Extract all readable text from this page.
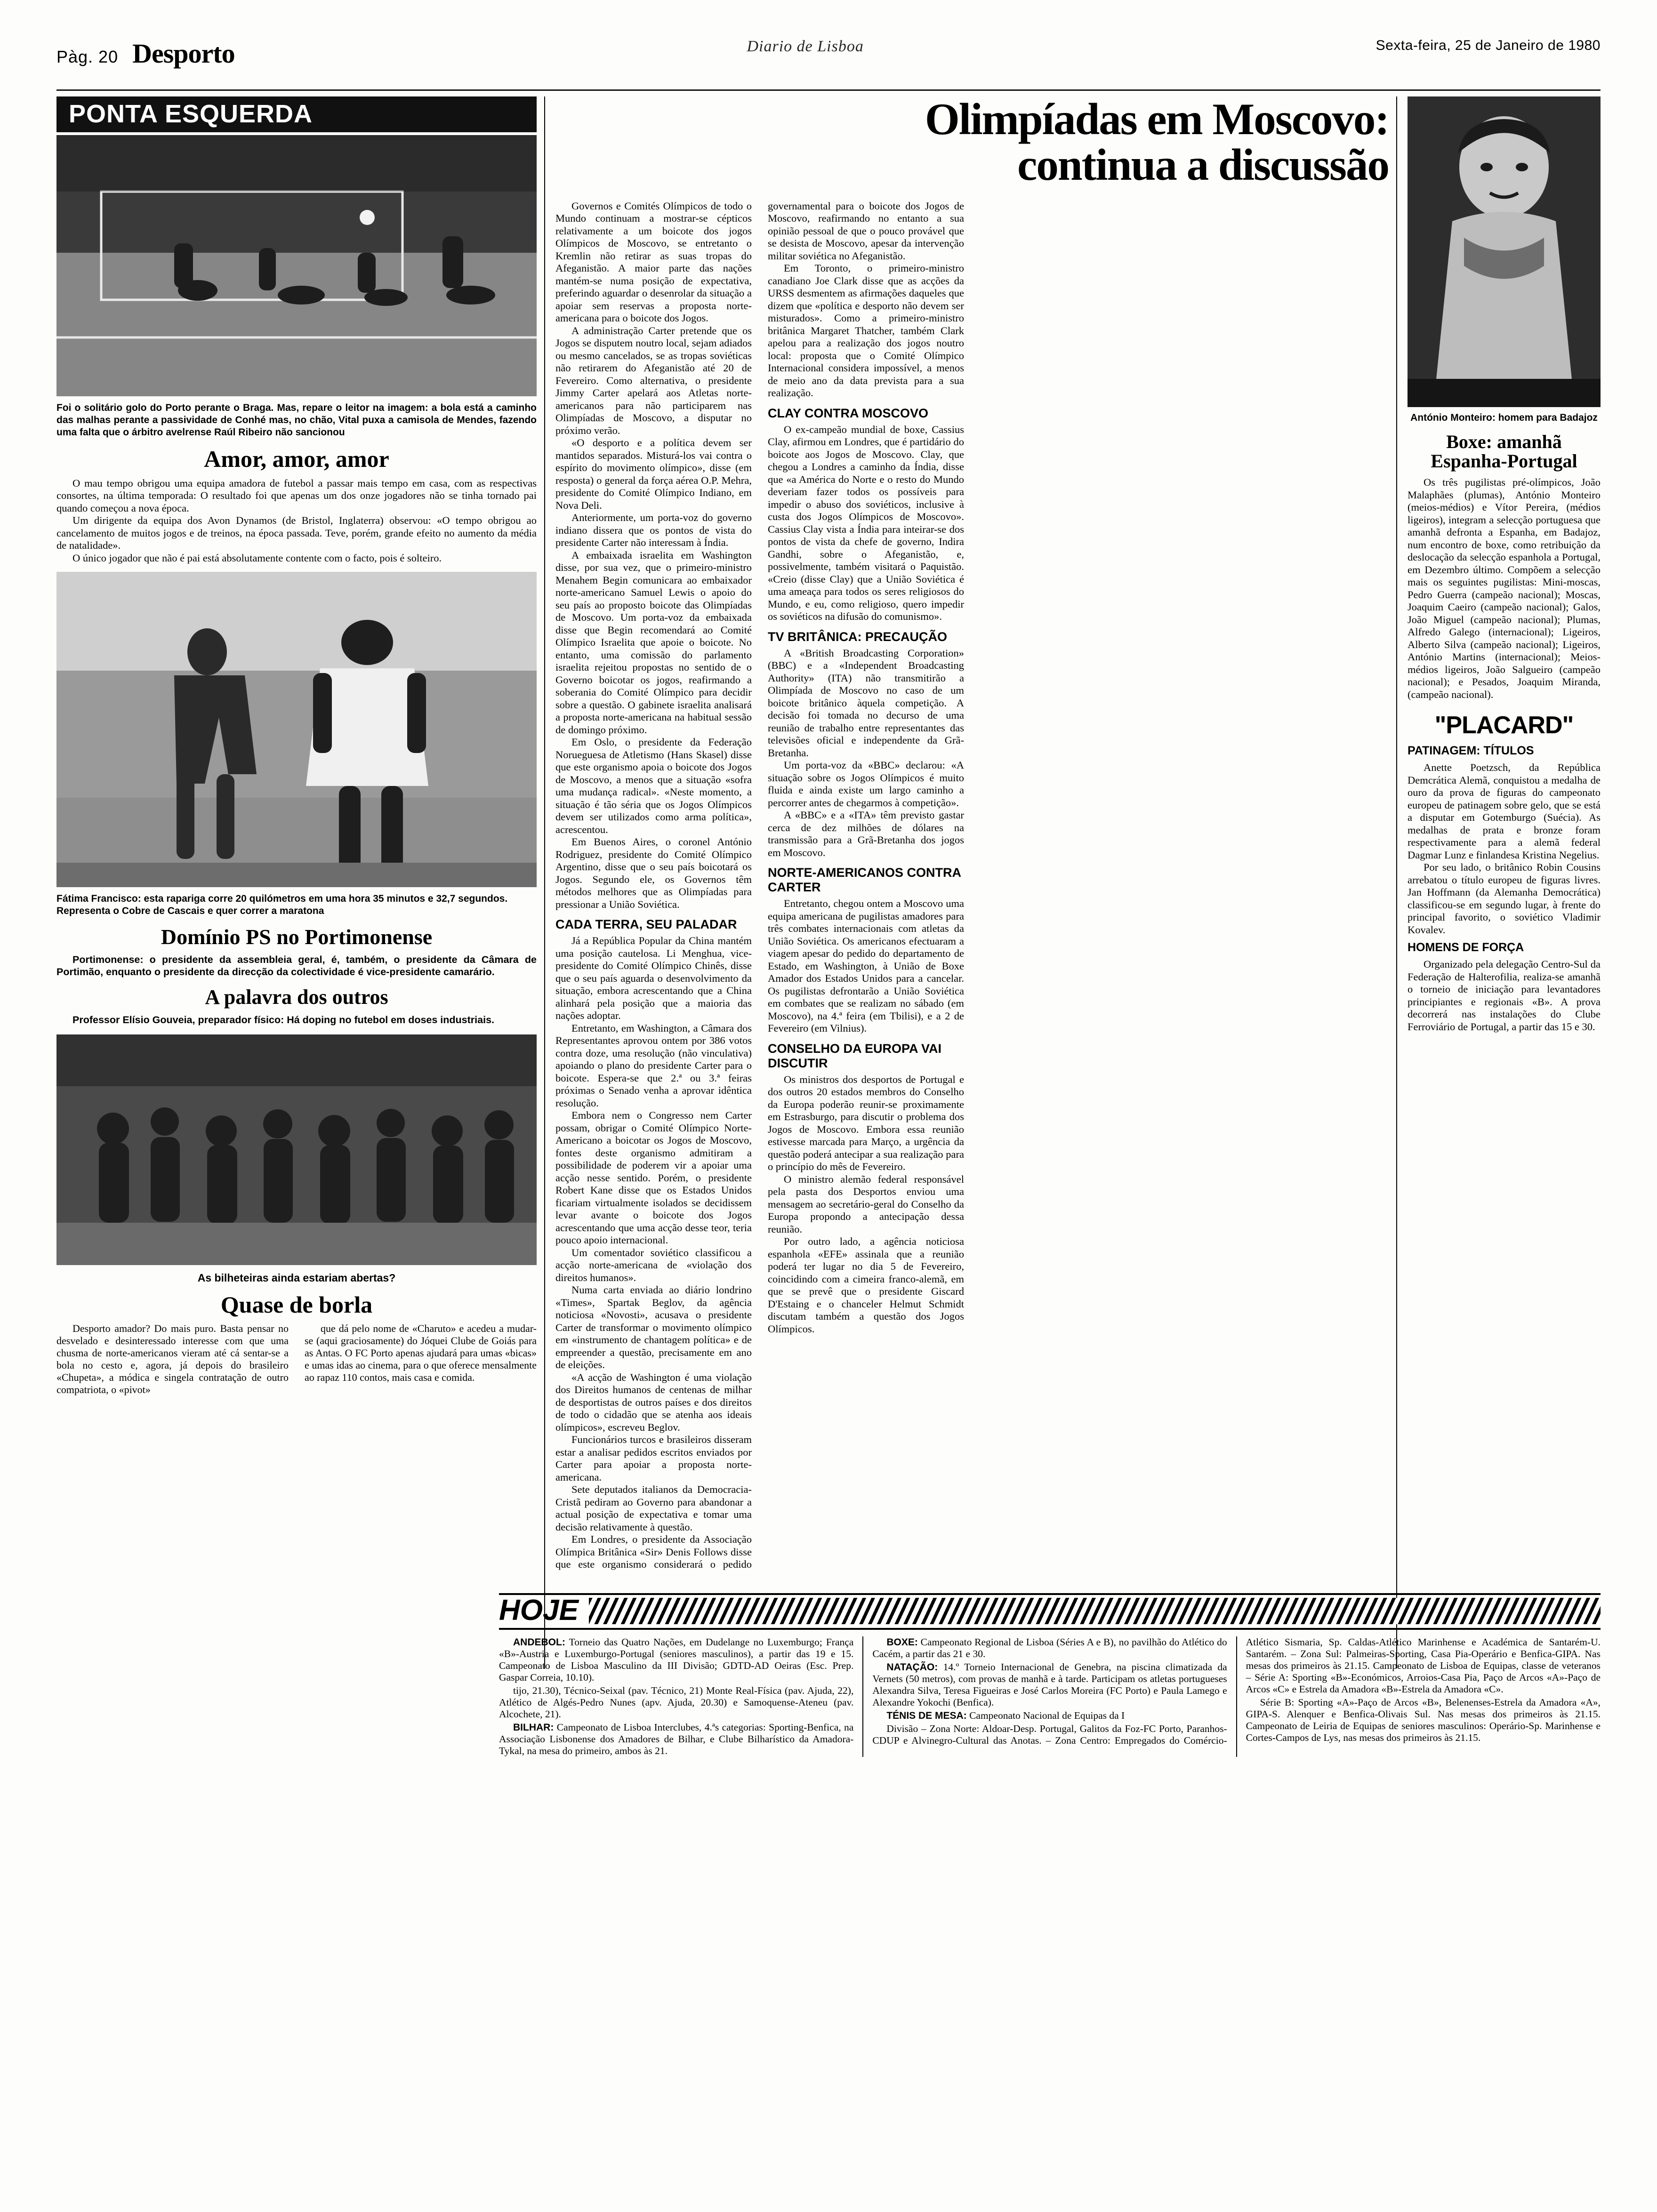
Pàg. 20 Desporto	Diario de Lisboa	Sexta-feira, 25 de Janeiro de 1980
PONTA ESQUERDA
Foi o solitário golo do Porto perante o Braga. Mas, repare o leitor na imagem: a bola está a caminho das malhas perante a passividade de Conhé mas, no chão, Vital puxa a camisola de Mendes, fazendo uma falta que o árbitro avelrense Raúl Ribeiro não sancionou
Amor, amor, amor

O mau tempo obrigou uma equipa amadora de futebol a passar mais tempo em casa, com as respectivas consortes, na última temporada: O resultado foi que apenas um dos onze jogadores não se tinha tornado pai quando começou a nova época.

Um dirigente da equipa dos Avon Dynamos (de Bristol, Inglaterra) observou: «O tempo obrigou ao cancelamento de muitos jogos e de treinos, na época passada. Teve, porém, grande efeito no aumento da média de natalidade».

O único jogador que não é pai está absolutamente contente com o facto, pois é solteiro.

Fátima Francisco: esta rapariga corre 20 quilómetros em uma hora 35 minutos e 32,7 segundos. Representa o Cobre de Cascais e quer correr a maratona
Domínio PS no Portimonense

Portimonense: o presidente da assembleia geral, é, também, o presidente da Câmara de Portimão, enquanto o presidente da direcção da colectividade é vice-presidente camarário.

A palavra dos outros

Professor Elísio Gouveia, preparador físico: Há doping no futebol em doses industriais.

As bilheteiras ainda estariam abertas?
Quase de borla

Desporto amador? Do mais puro. Basta pensar no desvelado e desinteressado interesse com que uma chusma de norte-americanos vieram até cá sentar-se a bola no cesto e, agora, já depois do brasileiro «Chupeta», a módica e singela contratação de outro compatriota, o «pivot»

que dá pelo nome de «Charuto» e acedeu a mudar-se (aqui graciosamente) do Jóquei Clube de Goiás para as Antas. O FC Porto apenas ajudará para umas «bicas» e umas idas ao cinema, para o que oferece mensalmente ao rapaz 110 contos, mais casa e comida.

Olimpíadas em Moscovo:
continua a discussão

Governos e Comités Olímpicos de todo o Mundo continuam a mostrar-se cépticos relativamente a um boicote dos jogos Olímpicos de Moscovo, se entretanto o Kremlin não retirar as suas tropas do Afeganistão. A maior parte das nações mantém-se numa posição de expectativa, preferindo aguardar o desenrolar da situação a apoiar sem reservas a proposta norte-americana para o boicote dos Jogos.

A administração Carter pretende que os Jogos se disputem noutro local, sejam adiados ou mesmo cancelados, se as tropas soviéticas não retirarem do Afeganistão até 20 de Fevereiro. Como alternativa, o presidente Jimmy Carter apelará aos Atletas norte-americanos para não participarem nas Olimpíadas de Moscovo, a disputar no próximo verão.

«O desporto e a política devem ser mantidos separados. Misturá-los vai contra o espírito do movimento olímpico», disse (em resposta) o general da força aérea O.P. Mehra, presidente do Comité Olímpico Indiano, em Nova Deli.

Anteriormente, um porta-voz do governo indiano dissera que os pontos de vista do presidente Carter não interessam à Índia.

A embaixada israelita em Washington disse, por sua vez, que o primeiro-ministro Menahem Begin comunicara ao embaixador norte-americano Samuel Lewis o apoio do seu país ao proposto boicote das Olimpíadas de Moscovo. Um porta-voz da embaixada disse que Begin recomendará ao Comité Olímpico Israelita que apoie o boicote. No entanto, uma comissão do parlamento israelita rejeitou propostas no sentido de o Governo boicotar os jogos, reafirmando a soberania do Comité Olímpico para decidir sobre a questão. O gabinete israelita analisará a proposta norte-americana na habitual sessão de domingo próximo.

Em Oslo, o presidente da Federação Norueguesa de Atletismo (Hans Skasel) disse que este organismo apoia o boicote dos Jogos de Moscovo, a menos que a situação «sofra uma mudança radical». «Neste momento, a situação é tão séria que os Jogos Olímpicos devem ser utilizados como arma política», acrescentou.

Em Buenos Aires, o coronel António Rodriguez, presidente do Comité Olímpico Argentino, disse que o seu país boicotará os Jogos. Segundo ele, os Governos têm métodos melhores que as Olimpíadas para pressionar a União Soviética.

CADA TERRA, SEU PALADAR

Já a República Popular da China mantém uma posição cautelosa. Li Menghua, vice-presidente do Comité Olímpico Chinês, disse que o seu país aguarda o desenvolvimento da situação, embora acrescentando que a China alinhará pela posição que a maioria das nações adoptar.

Entretanto, em Washington, a Câmara dos Representantes aprovou ontem por 386 votos contra doze, uma resolução (não vinculativa) apoiando o plano do presidente Carter para o boicote. Espera-se que 2.ª ou 3.ª feiras próximas o Senado venha a aprovar idêntica resolução.

Embora nem o Congresso nem Carter possam, obrigar o Comité Olímpico Norte-Americano a boicotar os Jogos de Moscovo, fontes deste organismo admitiram a possibilidade de poderem vir a apoiar uma acção nesse sentido. Porém, o presidente Robert Kane disse que os Estados Unidos ficariam virtualmente isolados se decidissem levar avante o boicote dos Jogos acrescentando que uma acção desse teor, teria pouco apoio internacional.

Um comentador soviético classificou a acção norte-americana de «violação dos direitos humanos».

Numa carta enviada ao diário londrino «Times», Spartak Beglov, da agência noticiosa «Novosti», acusava o presidente Carter de transformar o movimento olímpico em «instrumento de chantagem política» e de empreender a questão, precisamente em ano de eleições.

«A acção de Washington é uma violação dos Direitos humanos de centenas de milhar de desportistas de outros países e dos direitos de todo o cidadão que se atenha aos ideais olímpicos», escreveu Beglov.

Funcionários turcos e brasileiros disseram estar a analisar pedidos escritos enviados por Carter para apoiar a proposta norte-americana.

Sete deputados italianos da Democracia-Cristã pediram ao Governo para abandonar a actual posição de expectativa e tomar uma decisão relativamente à questão.

Em Londres, o presidente da Associação Olímpica Britânica «Sir» Denis Follows disse que este organismo considerará o pedido governamental para o boicote dos Jogos de Moscovo, reafirmando no entanto a sua opinião pessoal de que o pouco provável que se desista de Moscovo, apesar da intervenção militar soviética no Afeganistão.

Em Toronto, o primeiro-ministro canadiano Joe Clark disse que as acções da URSS desmentem as afirmações daqueles que dizem que «política e desporto não devem ser misturados». Como a primeiro-ministro britânica Margaret Thatcher, também Clark apelou para a realização dos jogos noutro local: proposta que o Comité Olímpico Internacional considera impossível, a menos de meio ano da data prevista para a sua realização.

CLAY CONTRA MOSCOVO

O ex-campeão mundial de boxe, Cassius Clay, afirmou em Londres, que é partidário do boicote aos Jogos de Moscovo. Clay, que chegou a Londres a caminho da Índia, disse que «a América do Norte e o resto do Mundo deveriam fazer todos os possíveis para impedir o abuso dos soviéticos, inclusive à custa dos Jogos Olímpicos de Moscovo». Cassius Clay vista a Índia para inteirar-se dos pontos de vista da chefe de governo, Indira Gandhi, sobre o Afeganistão, e, possivelmente, também visitará o Paquistão. «Creio (disse Clay) que a União Soviética é uma ameaça para todos os seres religiosos do Mundo, e eu, como religioso, quero impedir os soviéticos na difusão do comunismo».

TV BRITÂNICA: PRECAUÇÃO

A «British Broadcasting Corporation» (BBC) e a «Independent Broadcasting Authority» (ITA) não transmitirão a Olimpíada de Moscovo no caso de um boicote britânico àquela competição. A decisão foi tomada no decurso de uma reunião de trabalho entre representantes das televisões oficial e independente da Grã-Bretanha.

Um porta-voz da «BBC» declarou: «A situação sobre os Jogos Olímpicos é muito fluida e ainda existe um largo caminho a percorrer antes de chegarmos à competição».

A «BBC» e a «ITA» têm previsto gastar cerca de dez milhões de dólares na transmissão para a Grã-Bretanha dos jogos em Moscovo.

NORTE-AMERICANOS CONTRA CARTER

Entretanto, chegou ontem a Moscovo uma equipa americana de pugilistas amadores para três combates internacionais com atletas da União Soviética. Os americanos efectuaram a viagem apesar do pedido do departamento de Estado, em Washington, à União de Boxe Amador dos Estados Unidos para a cancelar. Os pugilistas defrontarão a União Soviética em combates que se realizam no sábado (em Moscovo), na 4.ª feira (em Tbilisi), e a 2 de Fevereiro (em Vilnius).

CONSELHO DA EUROPA VAI DISCUTIR

Os ministros dos desportos de Portugal e dos outros 20 estados membros do Conselho da Europa poderão reunir-se proximamente em Estrasburgo, para discutir o problema dos Jogos de Moscovo. Embora essa reunião estivesse marcada para Março, a urgência da questão poderá antecipar a sua realização para o princípio do mês de Fevereiro.

O ministro alemão federal responsável pela pasta dos Desportos enviou uma mensagem ao secretário-geral do Conselho da Europa propondo a antecipação dessa reunião.

Por outro lado, a agência noticiosa espanhola «EFE» assinala que a reunião poderá ter lugar no dia 5 de Fevereiro, coincidindo com a cimeira franco-alemã, em que se prevê que o presidente Giscard D'Estaing e o chanceler Helmut Schmidt discutam também a questão dos Jogos Olímpicos.

António Monteiro: homem para Badajoz
Boxe: amanhã Espanha-Portugal

Os três pugilistas pré-olímpicos, João Malaphães (plumas), António Monteiro (meios-médios) e Vítor Pereira, (médios ligeiros), integram a selecção portuguesa que amanhã defronta a Espanha, em Badajoz, num encontro de boxe, como retribuição da deslocação da selecção espanhola a Portugal, em Dezembro último. Compõem a selecção mais os seguintes pugilistas: Mini-moscas, Pedro Guerra (campeão nacional); Moscas, Joaquim Caeiro (campeão nacional); Galos, João Miguel (campeão nacional); Plumas, Alfredo Galego (internacional); Ligeiros, Alberto Silva (campeão nacional); Ligeiros, António Martins (internacional); Meios-médios ligeiros, João Salgueiro (campeão nacional); e Pesados, Joaquim Miranda, (campeão nacional).

"PLACARD"
PATINAGEM: TÍTULOS

Anette Poetzsch, da República Demcrática Alemã, conquistou a medalha de ouro da prova de figuras do campeonato europeu de patinagem sobre gelo, que se está a disputar em Gotemburgo (Suécia). As medalhas de prata e bronze foram respectivamente para a alemã federal Dagmar Lunz e finlandesa Kristina Negelius.

Por seu lado, o britânico Robin Cousins arrebatou o título europeu de figuras livres. Jan Hoffmann (da Alemanha Democrática) classificou-se em segundo lugar, à frente do principal favorito, o soviético Vladimir Kovalev.

HOMENS DE FORÇA

Organizado pela delegação Centro-Sul da Federação de Halterofilia, realiza-se amanhã o torneio de iniciação para levantadores principiantes e regionais «B». A prova decorrerá nas instalações do Clube Ferroviário de Portugal, a partir das 15 e 30.

HOJE

ANDEBOL: Torneio das Quatro Nações, em Dudelange no Luxemburgo; França «B»-Austria e Luxemburgo-Portugal (seniores masculinos), a partir das 19 e 15. Campeonato de Lisboa Masculino da III Divisão; GDTD-AD Oeiras (Esc. Prep. Gaspar Correia, 10.10).

tijo, 21.30), Técnico-Seixal (pav. Técnico, 21) Monte Real-Física (pav. Ajuda, 22), Atlético de Algés-Pedro Nunes (apv. Ajuda, 20.30) e Samoquense-Ateneu (pav. Alcochete, 21).

BILHAR: Campeonato de Lisboa Interclubes, 4.ªs categorias: Sporting-Benfica, na Associação Lisbonense dos Amadores de Bilhar, e Clube Bilharístico da Amadora-Tykal, na mesa do primeiro, ambos às 21.

BOXE: Campeonato Regional de Lisboa (Séries A e B), no pavilhão do Atlético do Cacém, a partir das 21 e 30.

NATAÇÃO: 14.º Torneio Internacional de Genebra, na piscina climatizada da Vernets (50 metros), com provas de manhã e à tarde. Participam os atletas portugueses Alexandra Silva, Teresa Figueiras e José Carlos Moreira (FC Porto) e Paula Lamego e Alexandre Yokochi (Benfica).

TÉNIS DE MESA: Campeonato Nacional de Equipas da I

Divisão – Zona Norte: Aldoar-Desp. Portugal, Galitos da Foz-FC Porto, Paranhos-CDUP e Alvinegro-Cultural das Anotas. – Zona Centro: Empregados do Comércio-Atlético Sismaria, Sp. Caldas-Atlético Marinhense e Académica de Santarém-U. Santarém. – Zona Sul: Palmeiras-Sporting, Casa Pia-Operário e Benfica-GIPA. Nas mesas dos primeiros às 21.15. Campeonato de Lisboa de Equipas, classe de veteranos – Série A: Sporting «B»-Económicos, Arroios-Casa Pia, Paço de Arcos «A»-Paço de Arcos «C» e Estrela da Amadora «B»-Estrela da Amadora «C».

Série B: Sporting «A»-Paço de Arcos «B», Belenenses-Estrela da Amadora «A», GIPA-S. Alenquer e Benfica-Olivais Sul. Nas mesas dos primeiros às 21.15. Campeonato de Leiria de Equipas de seniores masculinos: Operário-Sp. Marinhense e Cortes-Campos de Lys, nas mesas dos primeiros às 21.15.
